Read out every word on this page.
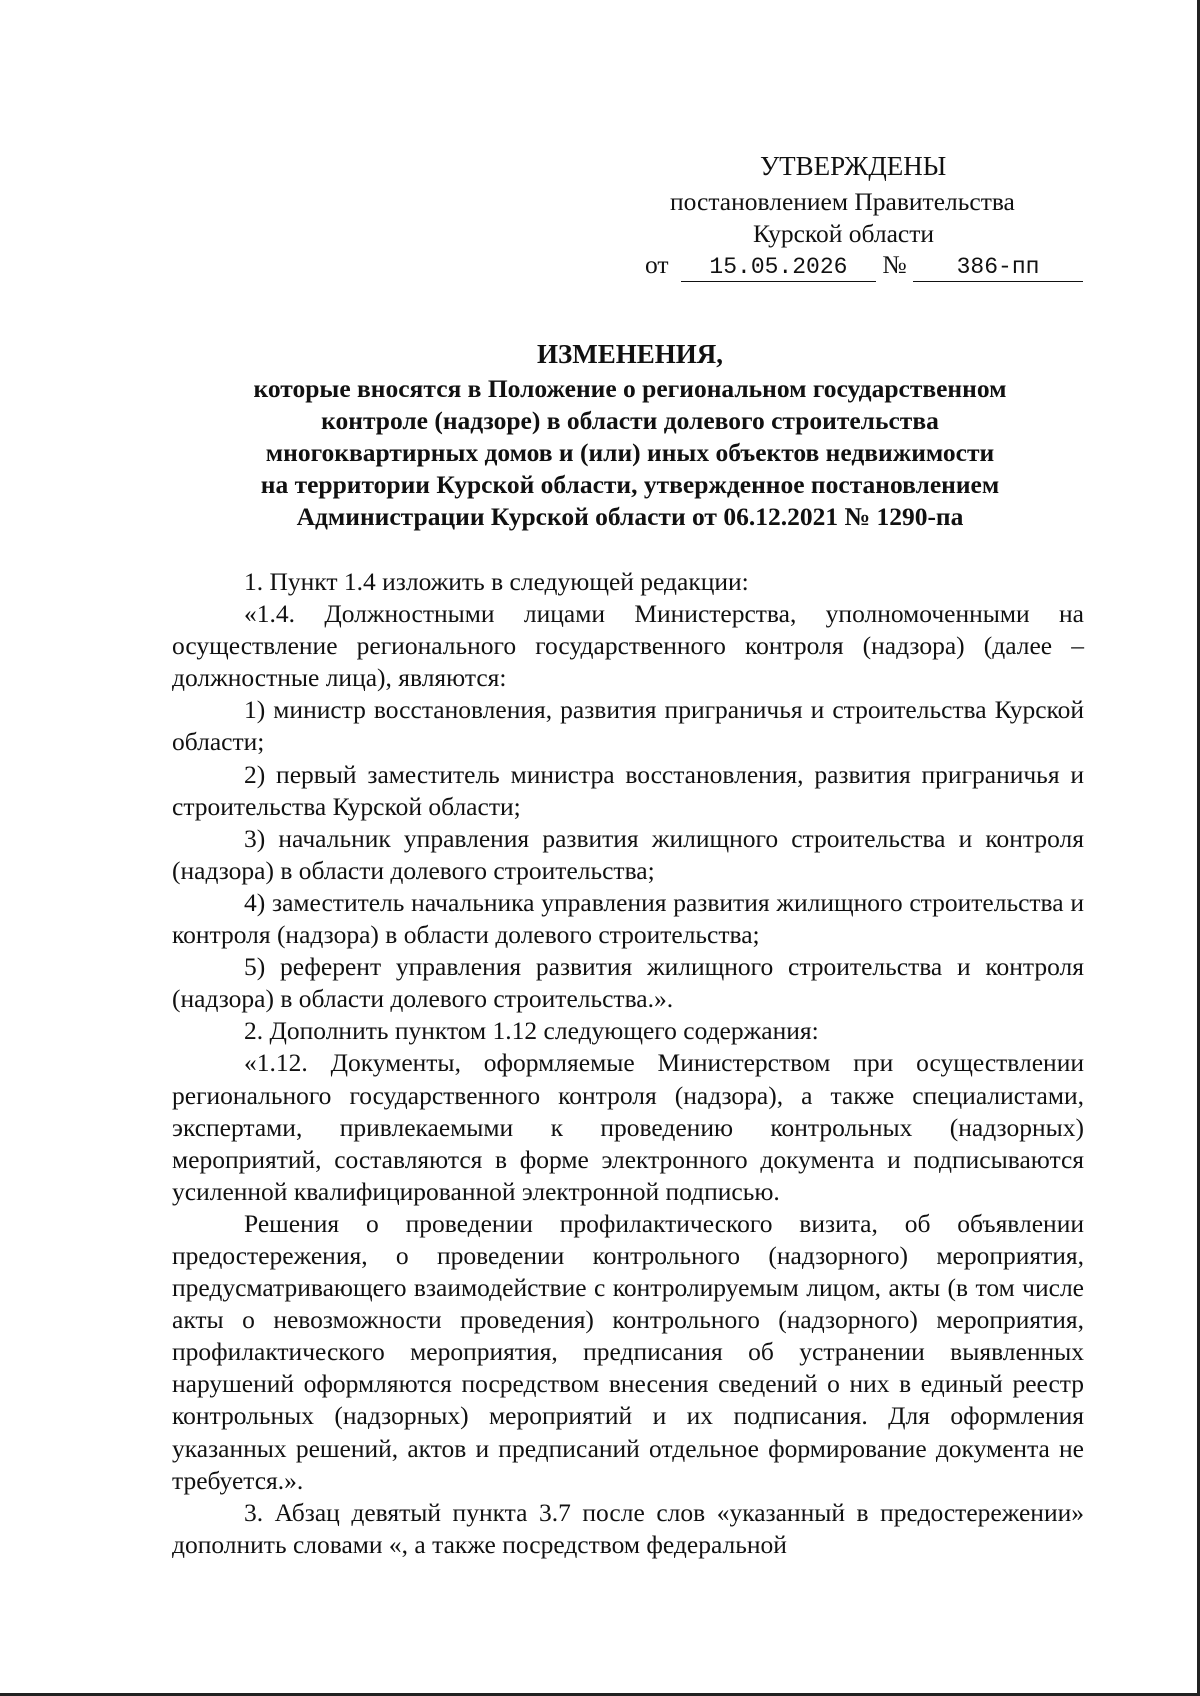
УТВЕРЖДЕНЫ
постановлением Правительства
Курской области
от 15.05.2026 № 386-пп
ИЗМЕНЕНИЯ,
которые вносятся в Положение о региональном государственном
контроле (надзоре) в области долевого строительства
многоквартирных домов и (или) иных объектов недвижимости
на территории Курской области, утвержденное постановлением
Администрации Курской области от 06.12.2021 № 1290-па

1. Пункт 1.4 изложить в следующей редакции:

«1.4. Должностными лицами Министерства, уполномоченными на осуществление регионального государственного контроля (надзора) (далее – должностные лица), являются:

1) министр восстановления, развития приграничья и строительства Курской области;

2) первый заместитель министра восстановления, развития приграничья и строительства Курской области;

3) начальник управления развития жилищного строительства и контроля (надзора) в области долевого строительства;

4) заместитель начальника управления развития жилищного строительства и контроля (надзора) в области долевого строительства;

5) референт управления развития жилищного строительства и контроля (надзора) в области долевого строительства.».

2. Дополнить пунктом 1.12 следующего содержания:

«1.12. Документы, оформляемые Министерством при осуществлении регионального государственного контроля (надзора), а также специалистами, экспертами, привлекаемыми к проведению контрольных (надзорных) мероприятий, составляются в форме электронного документа и подписываются усиленной квалифицированной электронной подписью.

Решения о проведении профилактического визита, об объявлении предостережения, о проведении контрольного (надзорного) мероприятия, предусматривающего взаимодействие с контролируемым лицом, акты (в том числе акты о невозможности проведения) контрольного (надзорного) мероприятия, профилактического мероприятия, предписания об устранении выявленных нарушений оформляются посредством внесения сведений о них в единый реестр контрольных (надзорных) мероприятий и их подписания. Для оформления указанных решений, актов и предписаний отдельное формирование документа не требуется.».

3. Абзац девятый пункта 3.7 после слов «указанный в предостережении» дополнить словами «, а также посредством федеральной
